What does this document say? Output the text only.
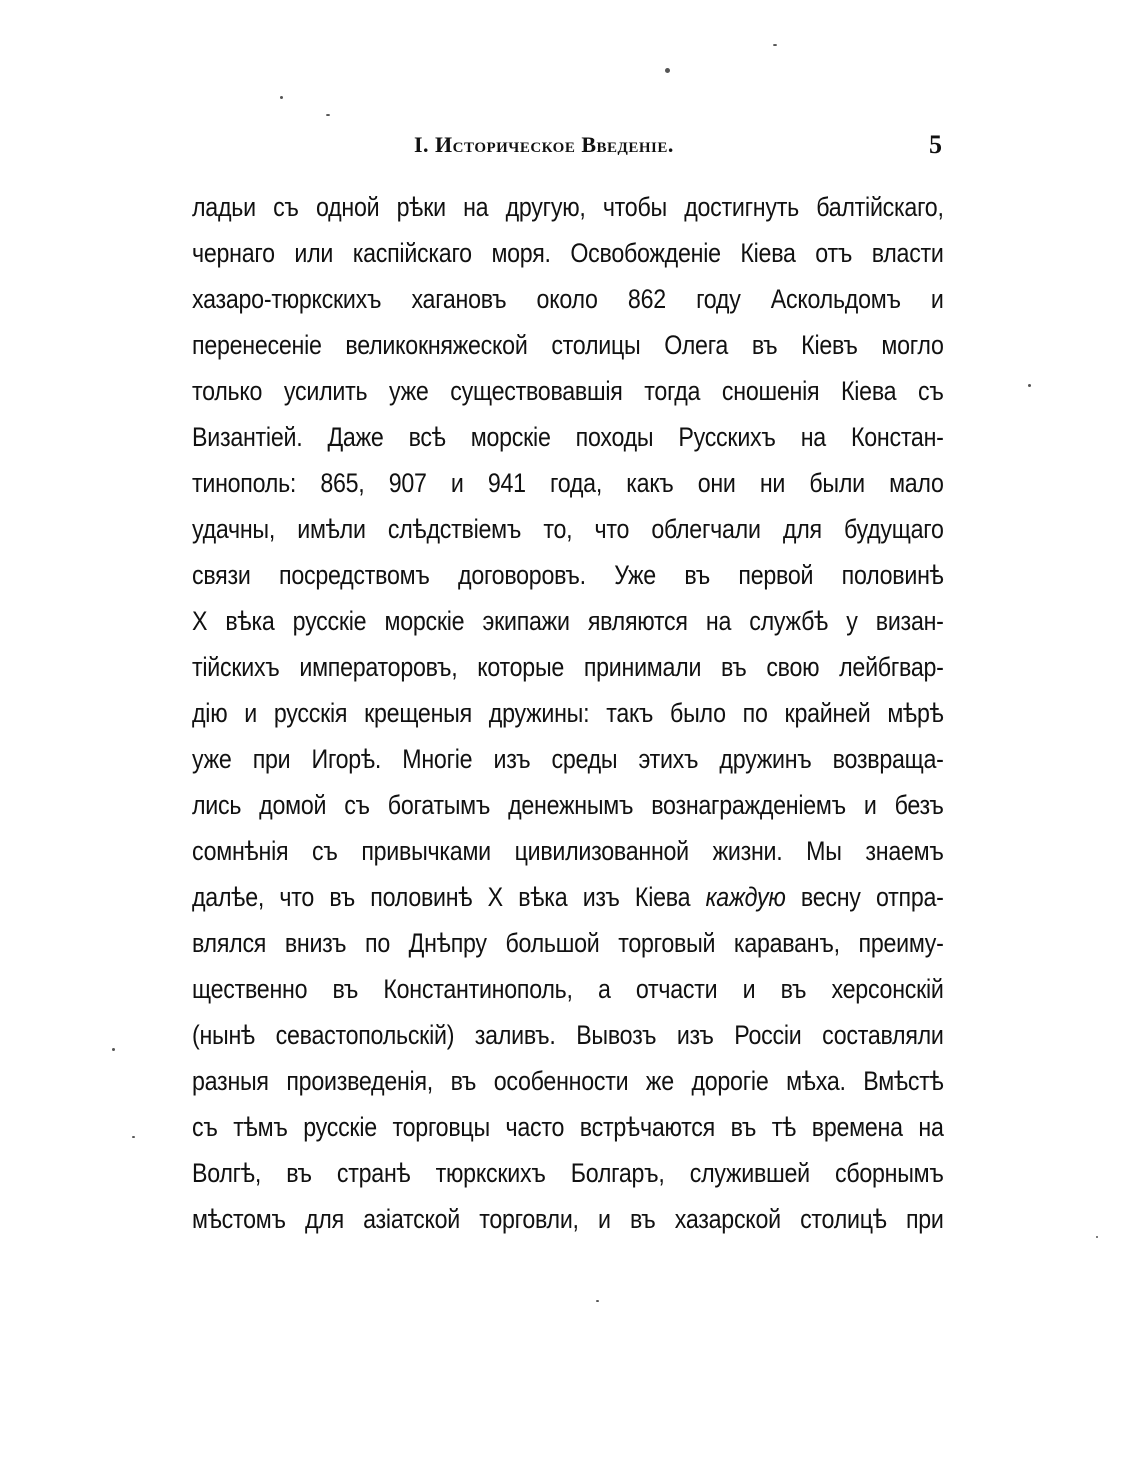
I. Историческое Введеніе.	5
ладьи съ одной рѣки на другую, чтобы достигнуть балтійскаго,
чернаго или каспійскаго моря. Освобожденіе Кіева отъ власти
хазаро-тюркскихъ хагановъ около 862 году Аскольдомъ и
перенесеніе великокняжеской столицы Олега въ Кіевъ могло
только усилить уже существовавшія тогда сношенія Кіева съ
Византіей. Даже всѣ морскіе походы Русскихъ на Констан-
тинополь: 865, 907 и 941 года, какъ они ни были мало
удачны, имѣли слѣдствіемъ то, что облегчали для будущаго
связи посредствомъ договоровъ. Уже въ первой половинѣ
X вѣка русскіе морскіе экипажи являются на службѣ у визан-
тійскихъ императоровъ, которые принимали въ свою лейбгвар-
дію и русскія крещеныя дружины: такъ было по крайней мѣрѣ
уже при Игорѣ. Многіе изъ среды этихъ дружинъ возвраща-
лись домой съ богатымъ денежнымъ вознагражденіемъ и безъ
сомнѣнія съ привычками цивилизованной жизни. Мы знаемъ
далѣе, что въ половинѣ X вѣка изъ Кіева каждую весну отпра-
влялся внизъ по Днѣпру большой торговый караванъ, преиму-
щественно въ Константинополь, а отчасти и въ херсонскій
(нынѣ севастопольскій) заливъ. Вывозъ изъ Россіи составляли
разныя произведенія, въ особенности же дорогіе мѣха. Вмѣстѣ
съ тѣмъ русскіе торговцы часто встрѣчаются въ тѣ времена на
Волгѣ, въ странѣ тюркскихъ Болгаръ, служившей сборнымъ
мѣстомъ для азіатской торговли, и въ хазарской столицѣ при
